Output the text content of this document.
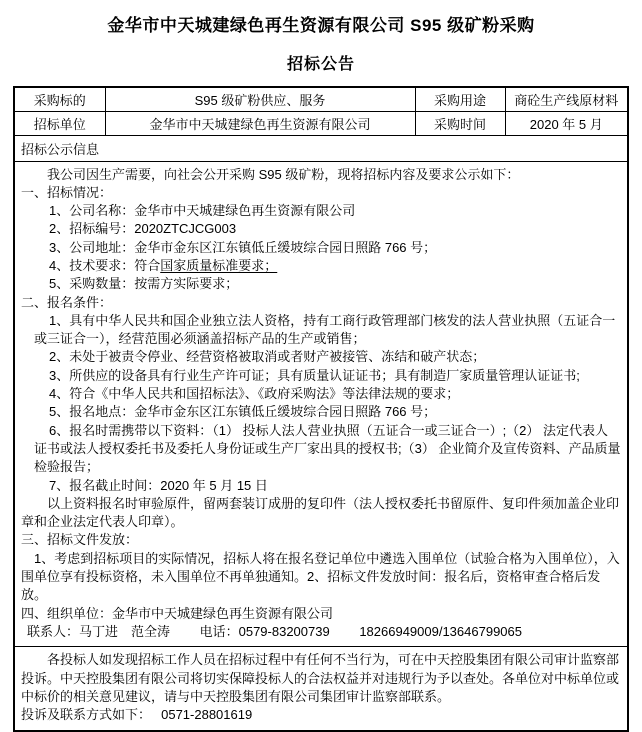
金华市中天城建绿色再生资源有限公司 S95 级矿粉采购
招标公告
采购标的	S95 级矿粉供应、服务	采购用途	商砼生产线原材料
招标单位	金华市中天城建绿色再生资源有限公司	采购时间	2020 年 5 月
招标公示信息			

我公司因生产需要，向社会公开采购 S95 级矿粉，现将招标内容及要求公示如下：

一、招标情况：

1、公司名称：金华市中天城建绿色再生资源有限公司

2、招标编号：2020ZTCJCG003

3、公司地址：金华市金东区江东镇低丘缓坡综合园日照路 766 号；

4、技术要求：符合国家质量标准要求；

5、采购数量：按需方实际要求；

二、报名条件：

1、具有中华人民共和国企业独立法人资格，持有工商行政管理部门核发的法人营业执照（五证合一或三证合一），经营范围必须涵盖招标产品的生产或销售；

2、未处于被责令停业、经营资格被取消或者财产被接管、冻结和破产状态；

3、所供应的设备具有行业生产许可证；具有质量认证证书；具有制造厂家质量管理认证证书;

4、符合《中华人民共和国招标法》、《政府采购法》等法律法规的要求；

5、报名地点：金华市金东区江东镇低丘缓坡综合园日照路 766 号；

6、报名时需携带以下资料：（1） 投标人法人营业执照（五证合一或三证合一）;（2） 法定代表人证书或法人授权委托书及委托人身份证或生产厂家出具的授权书;（3） 企业简介及宣传资料、产品质量检验报告；

7、报名截止时间：2020 年 5 月 15 日

以上资料报名时审验原件，留两套装订成册的复印件（法人授权委托书留原件、复印件须加盖企业印章和企业法定代表人印章）。

三、招标文件发放：

1、考虑到招标项目的实际情况，招标人将在报名登记单位中遴选入围单位（试验合格为入围单位），入围单位享有投标资格，未入围单位不再单独通知。2、招标文件发放时间：报名后，资格审查合格后发放。

四、组织单位：金华市中天城建绿色再生资源有限公司

联系人：马丁进　范全涛　　 电话：0579-83200739 　　18266949009/13646799065

各投标人如发现招标工作人员在招标过程中有任何不当行为，可在中天控股集团有限公司审计监察部投诉。中天控股集团有限公司将切实保障投标人的合法权益并对违规行为予以查处。各单位对中标单位或中标价的相关意见建议，请与中天控股集团有限公司集团审计监察部联系。

投诉及联系方式如下：　 0571-28801619			
